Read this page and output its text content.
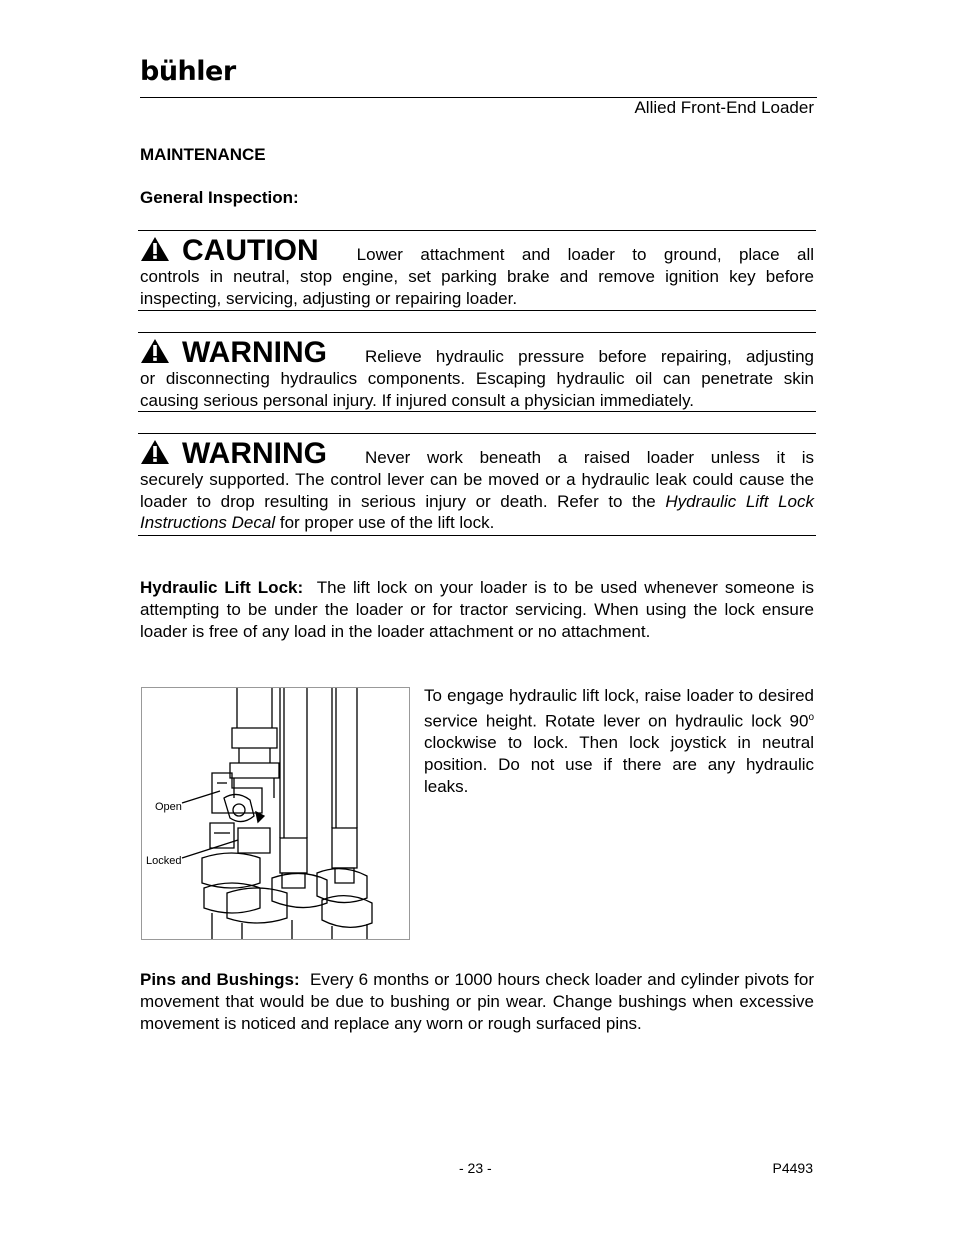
bühler
Allied Front-End Loader
MAINTENANCE
General Inspection:

CAUTION Lower attachment and loader to ground, place all

controls in neutral, stop engine, set parking brake and remove ignition key before inspecting, servicing, adjusting or repairing loader.

WARNING Relieve hydraulic pressure before repairing, adjusting

or disconnecting hydraulics components. Escaping hydraulic oil can penetrate skin causing serious personal injury. If injured consult a physician immediately.

WARNING Never work beneath a raised loader unless it is

securely supported. The control lever can be moved or a hydraulic leak could cause the loader to drop resulting in serious injury or death. Refer to the Hydraulic Lift Lock Instructions Decal for proper use of the lift lock.

Hydraulic Lift Lock: The lift lock on your loader is to be used whenever someone is attempting to be under the loader or for tractor servicing. When using the lock ensure loader is free of any load in the loader attachment or no attachment.

Open
Locked

To engage hydraulic lift lock, raise loader to desired service height. Rotate lever on hydraulic lock 90$^o$ clockwise to lock. Then lock joystick in neutral position. Do not use if there are any hydraulic leaks.

Pins and Bushings: Every 6 months or 1000 hours check loader and cylinder pivots for movement that would be due to bushing or pin wear. Change bushings when excessive movement is noticed and replace any worn or rough surfaced pins.

- 23 -	P4493
